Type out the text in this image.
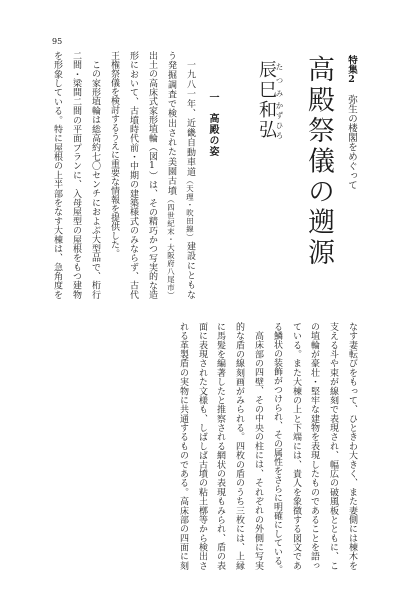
95
特集2弥生の楼閣をめぐって
高殿祭儀の遡源
辰巳たつみ和弘かずひろ
一高殿の姿
一九八一年、近畿自動車道（天理・吹田線）建設にともな
う発掘調査で検出された美園古墳（四世紀末・大阪府八尾市）
出土の高床式家形埴輪（図1）は、その精巧かつ写実的な造
形において、古墳時代前・中期の建築様式のみならず、古代
王権祭儀を検討するうえに重要な情報を提供した。
この家形埴輪は総高約七〇センチにおよぶ大型品で、桁行
二間・梁間二間の平面プランに、入母屋型の屋根をもつ建物
を形象している。特に屋根の上半部をなす大棟は、急角度を
なす妻転びをもって、ひときわ大きく、また妻側には棟木を
支える斗や束が線刻で表現され、幅広の破風板とともに、こ
の埴輪が豪壮・堅牢な建物を表現したものであることを語っ
ている。また大棟の上と下端には、貴人を象徴する図文であ
る鱗状の装飾がつけられ、その属性をさらに明確にしている。
高床部の四壁、その中央の柱には、それぞれの外側に写実
的な盾の線刻画がみられる。四枚の盾のうち三枚には、上縁
に馬髪を編著したと推察される網状の表現もみられ、盾の表
面に表現された文様も、しばしば古墳の粘土槨等から検出さ
れる革製盾の実物に共通するものである。高床部の四面に刻
